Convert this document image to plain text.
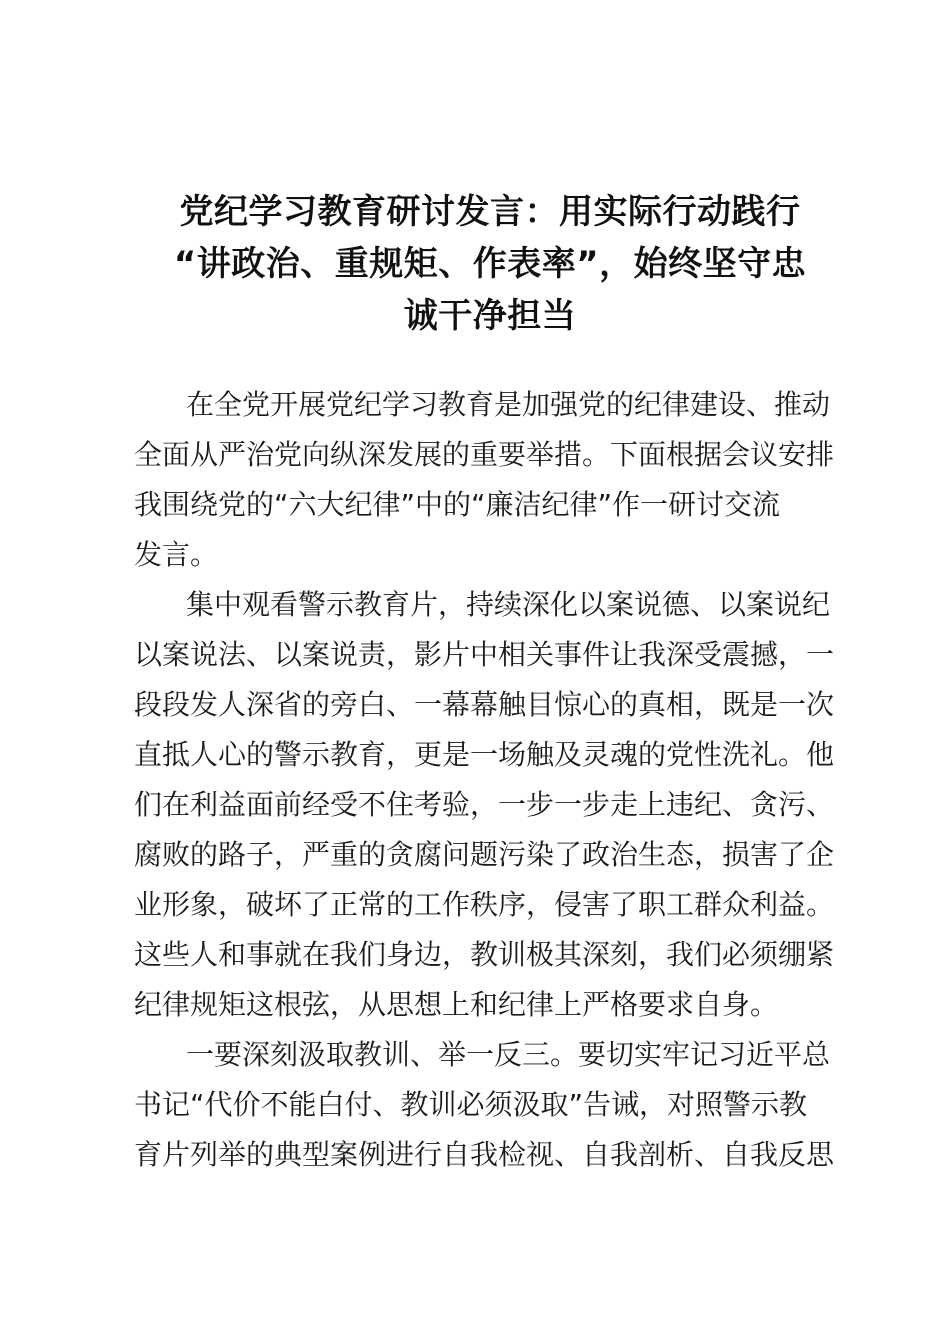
党纪学习教育研讨发言：用实际行动践行
“讲政治、重规矩、作表率”，始终坚守忠
诚干净担当

在全党开展党纪学习教育是加强党的纪律建设、推动
全面从严治党向纵深发展的重要举措。下面根据会议安排
我围绕党的“六大纪律”中的“廉洁纪律”作一研讨交流
发言。

集中观看警示教育片，持续深化以案说德、以案说纪
以案说法、以案说责，影片中相关事件让我深受震撼，一
段段发人深省的旁白、一幕幕触目惊心的真相，既是一次
直抵人心的警示教育，更是一场触及灵魂的党性洗礼。他
们在利益面前经受不住考验，一步一步走上违纪、贪污、
腐败的路子，严重的贪腐问题污染了政治生态，损害了企
业形象，破坏了正常的工作秩序，侵害了职工群众利益。
这些人和事就在我们身边，教训极其深刻，我们必须绷紧
纪律规矩这根弦，从思想上和纪律上严格要求自身。

一要深刻汲取教训、举一反三。要切实牢记习近平总
书记“代价不能白付、教训必须汲取”告诫，对照警示教
育片列举的典型案例进行自我检视、自我剖析、自我反思
